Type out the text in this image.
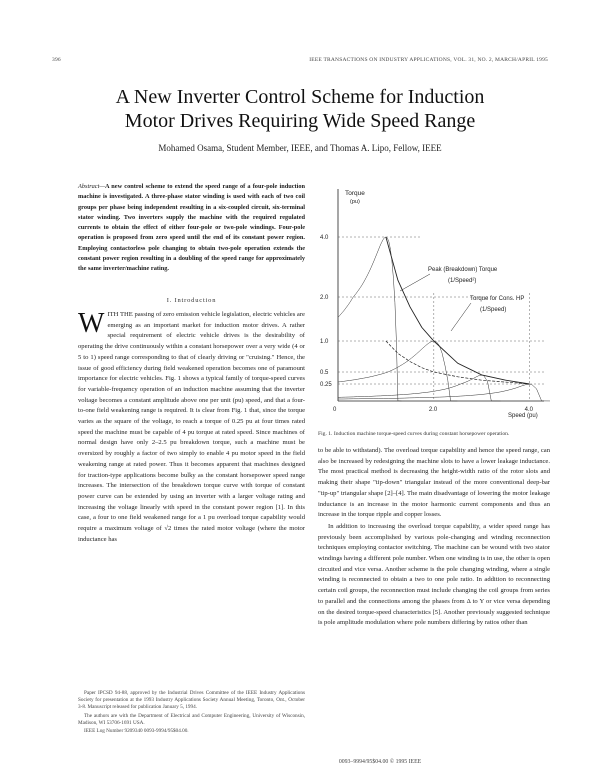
396	IEEE TRANSACTIONS ON INDUSTRY APPLICATIONS, VOL. 31, NO. 2, MARCH/APRIL 1995
A New Inverter Control Scheme for Induction
Motor Drives Requiring Wide Speed Range
Mohamed Osama, Student Member, IEEE, and Thomas A. Lipo, Fellow, IEEE
Abstract—A new control scheme to extend the speed range of a four-pole induction machine is investigated. A three-phase stator winding is used with each of two coil groups per phase being independent resulting in a six-coupled circuit, six-terminal stator winding. Two inverters supply the machine with the required regulated currents to obtain the effect of either four-pole or two-pole windings. Four-pole operation is proposed from zero speed until the end of its constant power region. Employing contactorless pole changing to obtain two-pole operation extends the constant power region resulting in a doubling of the speed range for approximately the same inverter/machine rating.
I. Introduction
WITH THE passing of zero emission vehicle legislation, electric vehicles are emerging as an important market for induction motor drives. A rather special requirement of electric vehicle drives is the desirability of operating the drive continuously within a constant horsepower over a very wide (4 or 5 to 1) speed range corresponding to that of clearly driving or "cruising." Hence, the issue of good efficiency during field weakened operation becomes one of paramount importance for electric vehicles. Fig. 1 shows a typical family of torque-speed curves for variable-frequency operation of an induction machine assuming that the inverter voltage becomes a constant amplitude above one per unit (pu) speed, and that a four-to-one field weakening range is required. It is clear from Fig. 1 that, since the torque varies as the square of the voltage, to reach a torque of 0.25 pu at four times rated speed the machine must be capable of 4 pu torque at rated speed. Since machines of normal design have only 2–2.5 pu breakdown torque, such a machine must be oversized by roughly a factor of two simply to enable 4 pu motor speed in the field weakening range at rated power. Thus it becomes apparent that machines designed for traction-type applications become bulky as the constant horsepower speed range increases. The intersection of the breakdown torque curve with torque of constant power curve can be extended by using an inverter with a larger voltage rating and increasing the voltage linearly with speed in the constant power region [1]. In this case, a four to one field weakened range for a 1 pu overload torque capability would require a maximum voltage of √2 times the rated motor voltage (where the motor inductance has

Paper IPCSD 94-88, approved by the Industrial Drives Committee of the IEEE Industry Applications Society for presentation at the 1993 Industry Applications Society Annual Meeting, Toronto, Ont., October 3-8. Manuscript released for publication January 5, 1994.

The authors are with the Department of Electrical and Computer Engineering, University of Wisconsin, Madison, WI 53706-1691 USA.

IEEE Log Number 9209340 0093-9994/95$04.00.

4.0
2.0
1.0
0.5
0.25
0	2.0	4.0
Torque
(pu)
Peak (Breakdown) Torque
(1/Speed²)
Torque for Cons. HP
(1/Speed)
Speed (pu)
Fig. 1. Induction machine torque-speed curves during constant horsepower operation.

to be able to withstand). The overload torque capability and hence the speed range, can also be increased by redesigning the machine slots to have a lower leakage inductance. The most practical method is decreasing the height-width ratio of the rotor slots and making their shape "tip-down" triangular instead of the more conventional deep-bar "tip-up" triangular shape [2]–[4]. The main disadvantage of lowering the motor leakage inductance is an increase in the motor harmonic current components and thus an increase in the torque ripple and copper losses.

In addition to increasing the overload torque capability, a wider speed range has previously been accomplished by various pole-changing and winding reconnection techniques employing contactor switching. The machine can be wound with two stator windings having a different pole number. When one winding is in use, the other is open circuited and vice versa. Another scheme is the pole changing winding, where a single winding is reconnected to obtain a two to one pole ratio. In addition to reconnecting certain coil groups, the reconnection must include changing the coil groups from series to parallel and the connections among the phases from Δ to Y or vice versa depending on the desired torque-speed characteristics [5]. Another previously suggested technique is pole amplitude modulation where pole numbers differing by ratios other than

0093–9994/95$04.00 © 1995 IEEE
